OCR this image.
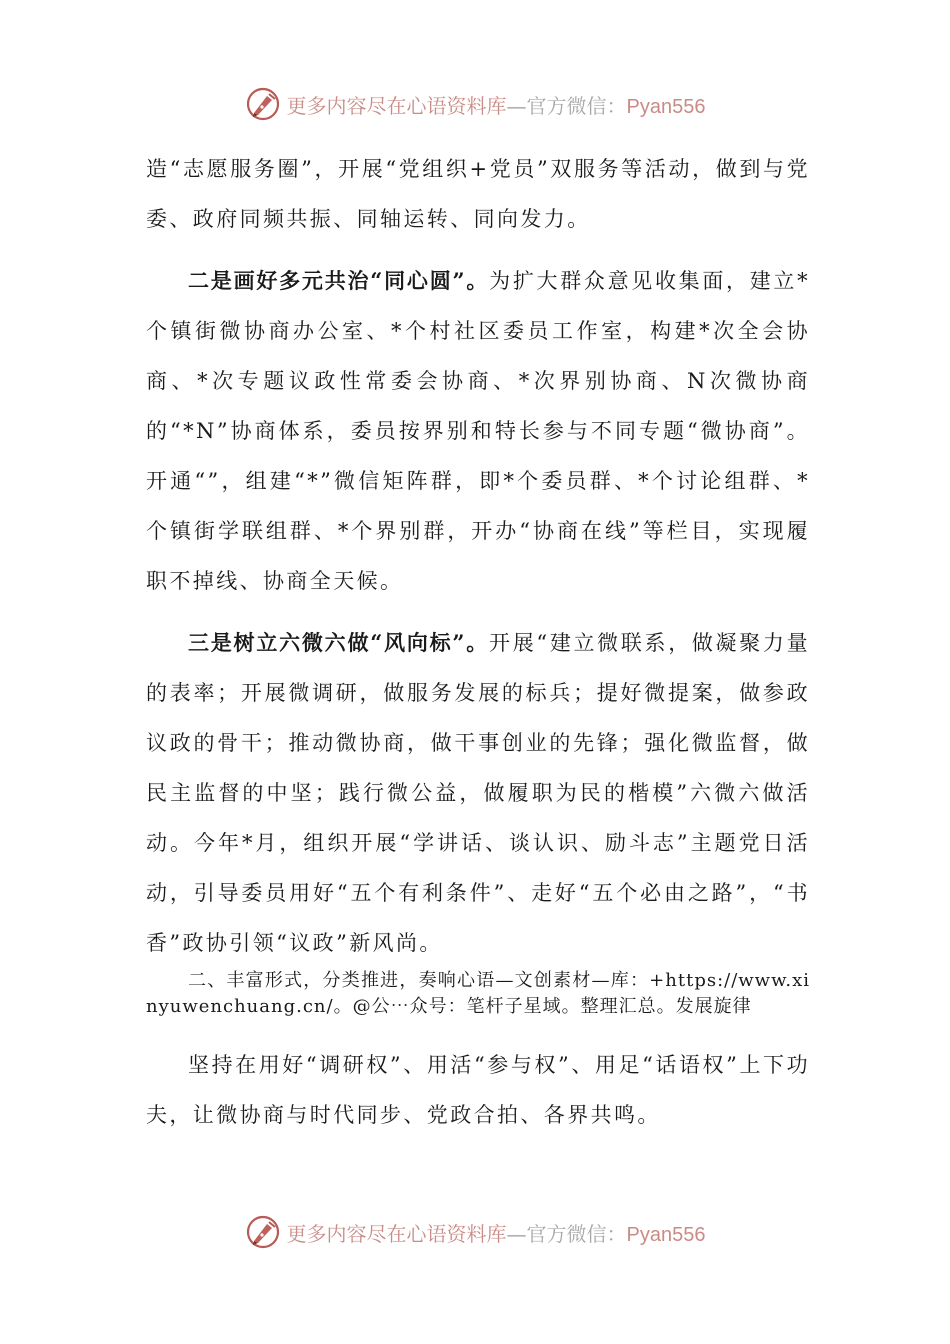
更多内容尽在心语资料库—官方微信：Pyan556

造“志愿服务圈”，开展“党组织+党员”双服务等活动，做到与党委、政府同频共振、同轴运转、同向发力。

二是画好多元共治“同心圆”。为扩大群众意见收集面，建立*个镇街微协商办公室、*个村社区委员工作室，构建*次全会协商、*次专题议政性常委会协商、*次界别协商、N次微协商的“*N”协商体系，委员按界别和特长参与不同专题“微协商”。开通“”，组建“*”微信矩阵群，即*个委员群、*个讨论组群、*个镇街学联组群、*个界别群，开办“协商在线”等栏目，实现履职不掉线、协商全天候。

三是树立六微六做“风向标”。开展“建立微联系，做凝聚力量的表率；开展微调研，做服务发展的标兵；提好微提案，做参政议政的骨干；推动微协商，做干事创业的先锋；强化微监督，做民主监督的中坚；践行微公益，做履职为民的楷模”六微六做活动。今年*月，组织开展“学讲话、谈认识、励斗志”主题党日活动，引导委员用好“五个有利条件”、走好“五个必由之路”，“书香”政协引领“议政”新风尚。

二、丰富形式，分类推进，奏响心语—文创素材—库：+https://www.xinyuwenchuang.cn/。@公⋯众号：笔杆子星域。整理汇总。发展旋律

坚持在用好“调研权”、用活“参与权”、用足“话语权”上下功夫，让微协商与时代同步、党政合拍、各界共鸣。

更多内容尽在心语资料库—官方微信：Pyan556
